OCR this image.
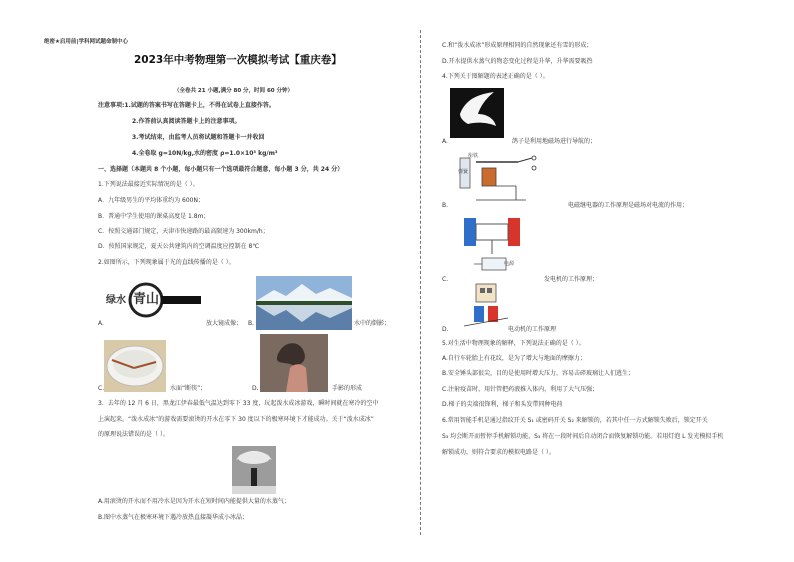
绝密★启用前|学科网试题命制中心
2023年中考物理第一次模拟考试【重庆卷】
（全卷共 21 小题,满分 80 分，时间 60 分钟）
注意事项:1.试题的答案书写在答题卡上，不得在试卷上直接作答。
2.作答前认真阅读答题卡上的注意事项。
3.考试结束，由监考人员将试题和答题卡一并收回
4.全卷取 g=10N/kg,水的密度 ρ=1.0×10³ kg/m³
一、选择题（本题共 8 个小题，每小题只有一个选项最符合题意，每小题 3 分，共 24 分）
1.下列说法最接近实际情况的是（ ）。
A．九年级男生的平均体重约为 600N；
B．普通中学生使用的课桌高度是 1.8m；
C．按照交通部门规定，天津市快速路的最高限速为 300km/h；
D．按照国家规定，夏天公共建筑内的空调温度应控制在 8℃
2.如图所示，下列现象属于光的直线传播的是（ ）。
绿水 青山
A.	放大镜成像； B.	水中的倒影；
C.	水面“断筷”；	D.	手影的形成
3．去年的 12 月 6 日，黑龙江伊春最低气温达到零下 33 度，玩起泼水成冰游戏，瞬时间就在寒冷的空中
上演起来。“泼水成冰”的游戏需要滚烫的开水在零下 30 度以下的极寒环境下才能成功。关于“泼水成冰”
的原理说法错误的是（ ）。
A.用滚烫的开水而不用冷水是因为开水在短时间内能提供大量的水蒸气；
B.图中水蒸气在极寒环境下遇冷放热直接凝华成小冰晶；
C.和“泼水成冰”形成原理相同的自然现象还有雪的形成；
D.开水提供水蒸气的物态变化过程是升华，升华需要吸热
4.下列关于图解题的表述正确的是（ ）。
A.	鸽子是利用地磁场进行导航的；
衔铁
弹簧
B.	电磁继电器的工作原理是磁场对电流的作用；
电源
C.	发电机的工作原理；
D.	电动机的工作原理
5.对生活中物理现象的解释，下列说法正确的是（ ）。
A.自行车轮胎上有花纹，是为了增大与地面的摩擦力；
B.安全锤头部很尖，目的是使用时增大压力，容易击碎玻璃让人们逃生；
C.注射疫苗时，用针管把药液推入体内，利用了大气压强；
D.梯子的尖端很锋利，梯子和头发带同种电荷
6.常用智能手机是通过指纹开关 S₁ 或密码开关 S₂ 来解锁的，若其中任一方式解锁失败后，锁定开关
S₃ 均会断开而暂停手机解锁功能，S₃ 将在一段时间后自动闭合而恢复解锁功能。若用灯泡 L 发光模拟手机
解锁成功，则符合要求的模拟电路是（ ）。
